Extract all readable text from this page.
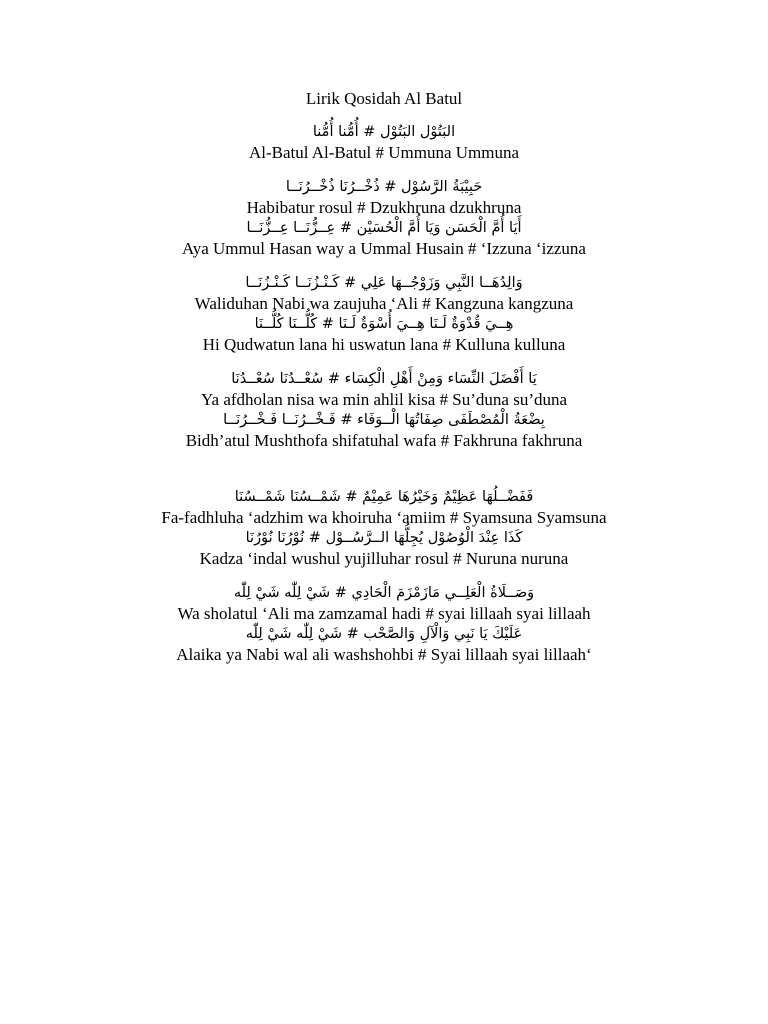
Lirik Qosidah Al Batul
البَتُوْل البَتُوْل # أُمُّنا أُمُّنا
Al-Batul Al-Batul # Ummuna Ummuna
حَبِيْبَةُ الرَّسُوْل # ذُخْــرُنَا ذُخْــرُنَــا
Habibatur rosul # Dzukhruna dzukhruna
أَيَا أُمَّ الْحَسَن وَيَا أُمَّ الْحُسَيْن # عِــزُّنَــا عِــزُّنَــا
Aya Ummul Hasan way a Ummal Husain # ‘Izzuna ‘izzuna
وَالِدُهَــا النَّبِي وَزَوْجُــهَا عَلِي # كَـنْـزُنَــا كَـنْـزُنَــا
Waliduhan Nabi wa zaujuha ‘Ali # Kangzuna kangzuna
هِــيَ قُدْوَةٌ لَـنَا هِــيَ أُسْوَةٌ لَـنَا # كُلُّــنَا كُلُّــنَا
Hi Qudwatun lana hi uswatun lana # Kulluna kulluna
يَا أَفْضَلَ النِّسَاء وَمِنْ أَهْلِ الْكِسَاء # سُعْــدُنَا سُعْــدُنَا
Ya afdholan nisa wa min ahlil kisa # Su’duna su’duna
بِضْعَةُ الْمُصْطَفَى صِفَاتُهَا الْــوَفَاء # فَـخْــرُنَــا فَـخْــرُنَــا
Bidh’atul Mushthofa shifatuhal wafa # Fakhruna fakhruna
فَفَضْــلُهَا عَظِيْمٌ وَخَيْرُهَا عَمِيْمٌ # شَمْــسُنَا شَمْــسُنَا
Fa-fadhluha ‘adzhim wa khoiruha ‘amiim # Syamsuna Syamsuna
كَذَا عِنْدَ الْوُصُوْل يُجِلُّهَا الــرَّسُــوْل # نُوْرُنَا نُوْرُنَا
Kadza ‘indal wushul yujilluhar rosul # Nuruna nuruna
وَصَــلَاةُ الْعَلِــي مَازَمْزَمَ الْحَادِي # شَيْ لِلّٰه شَيْ لِلّٰه
Wa sholatul ‘Ali ma zamzamal hadi # syai lillaah syai lillaah
عَلَيْكَ يَا نَبِي وَالْآلِ وَالصَّحْب # شَيْ لِلّٰه شَيْ لِلّٰه
Alaika ya Nabi wal ali washshohbi # Syai lillaah syai lillaah‘
